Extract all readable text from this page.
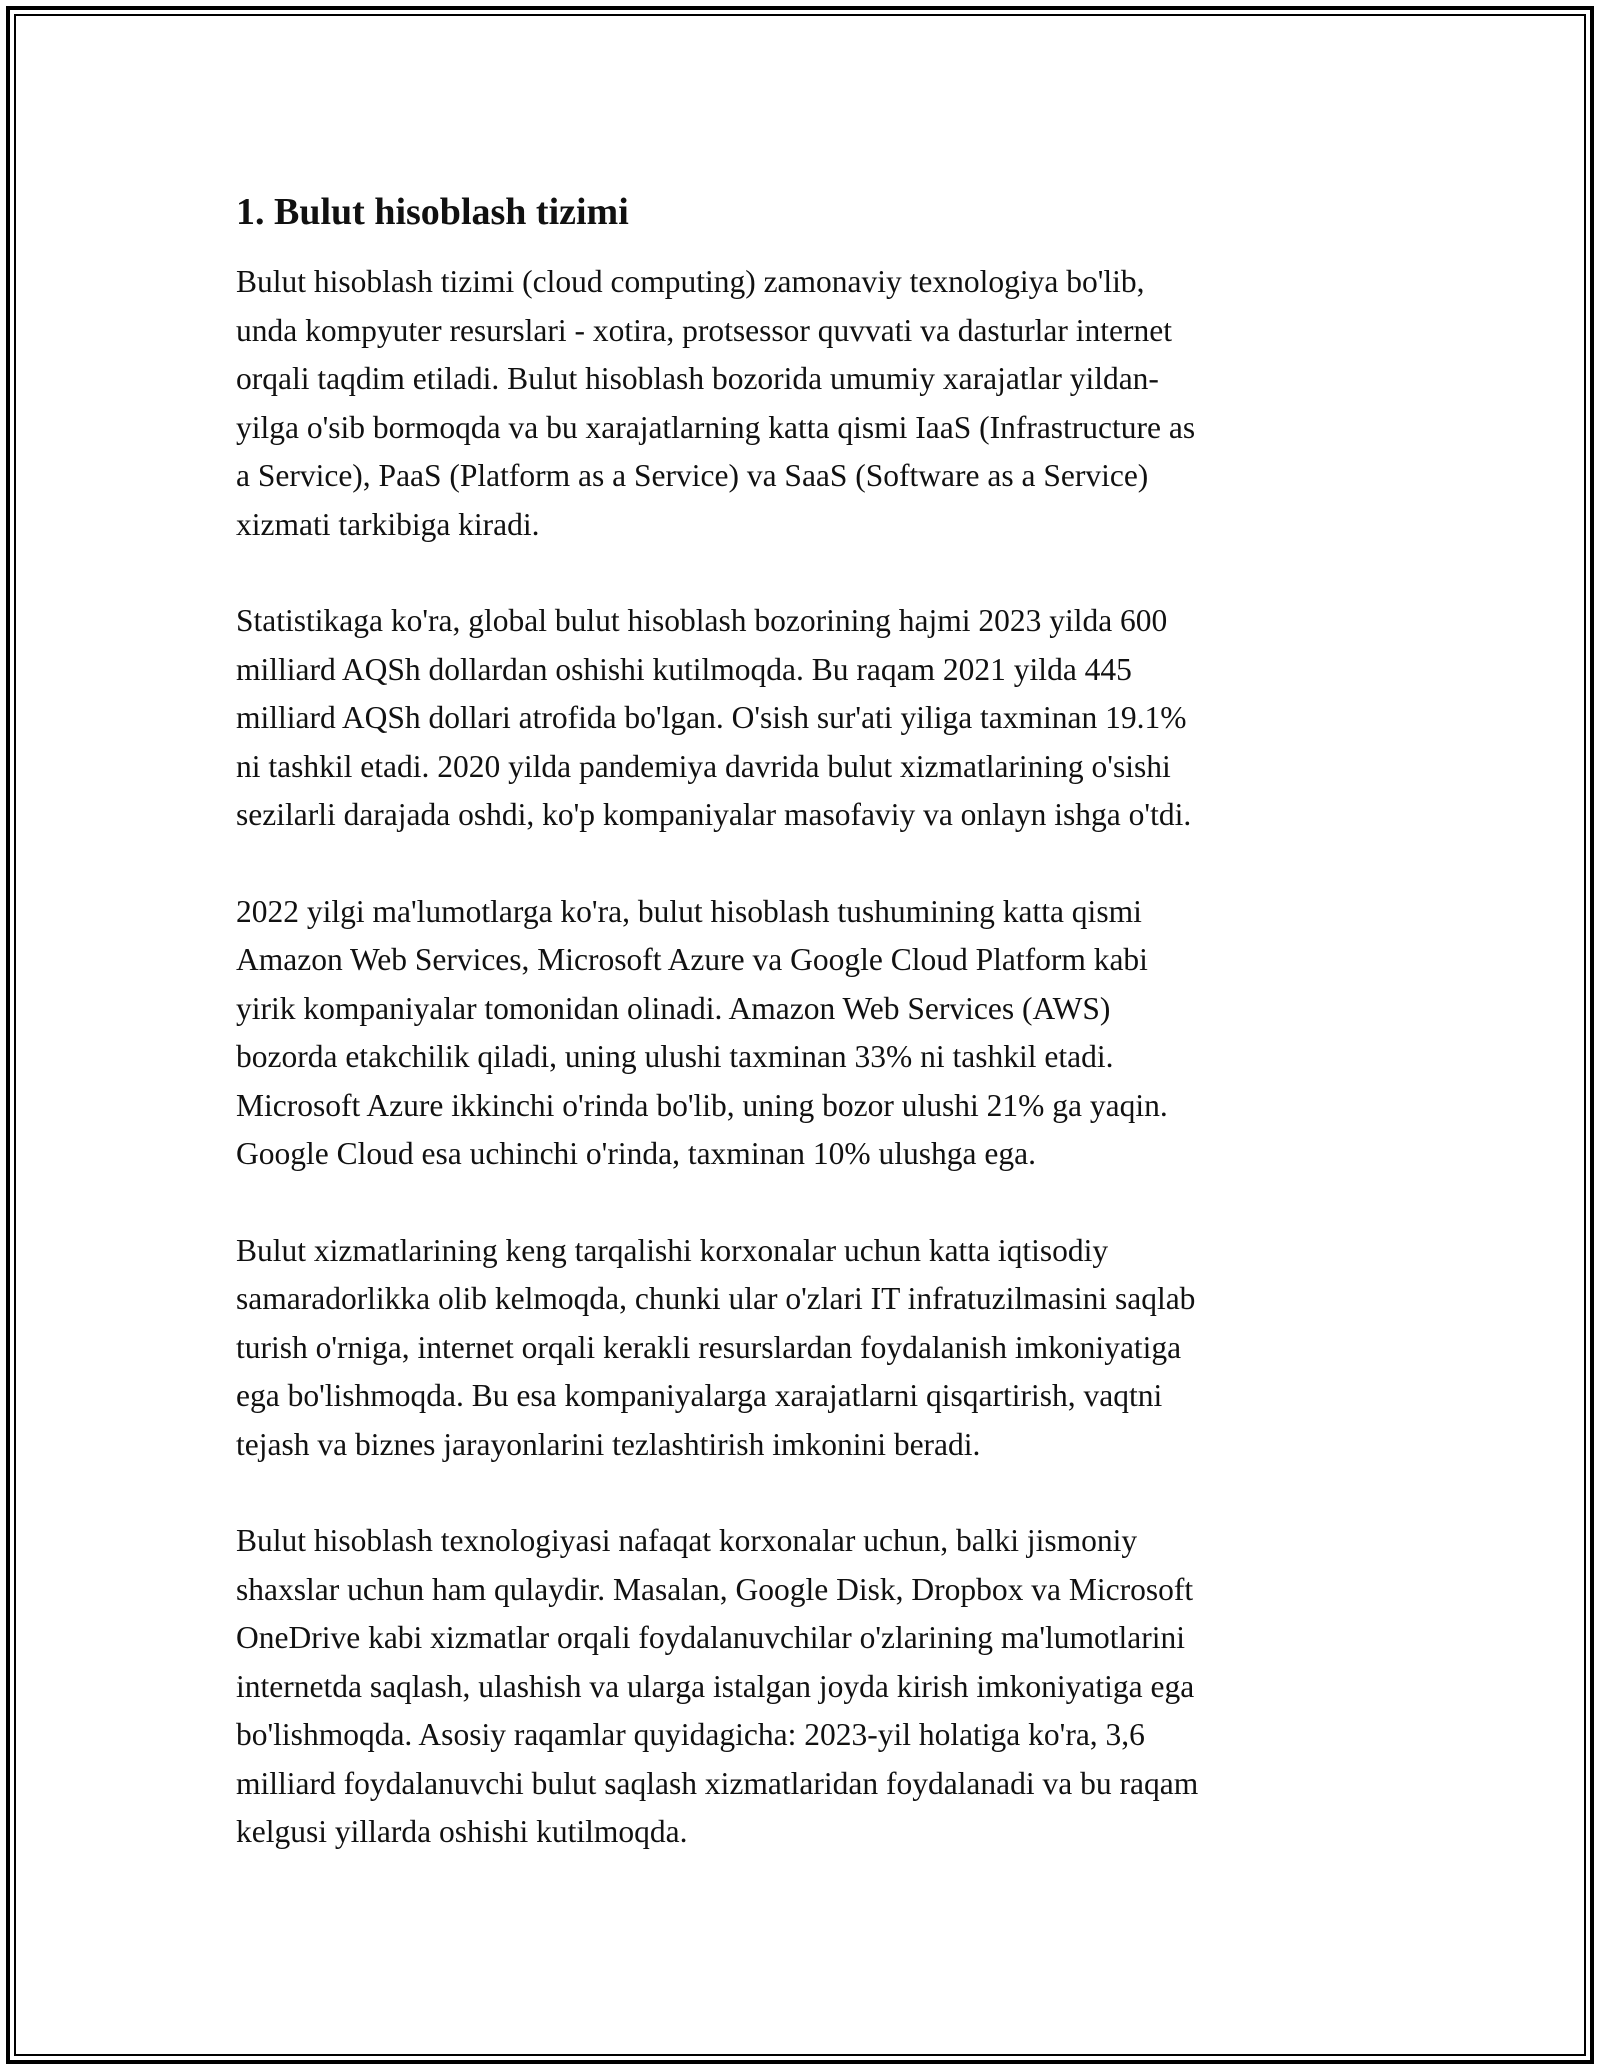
1. Bulut hisoblash tizimi

Bulut hisoblash tizimi (cloud computing) zamonaviy texnologiya bo'lib,
unda kompyuter resurslari - xotira, protsessor quvvati va dasturlar internet
orqali taqdim etiladi. Bulut hisoblash bozorida umumiy xarajatlar yildan-
yilga o'sib bormoqda va bu xarajatlarning katta qismi IaaS (Infrastructure as
a Service), PaaS (Platform as a Service) va SaaS (Software as a Service)
xizmati tarkibiga kiradi.

Statistikaga ko'ra, global bulut hisoblash bozorining hajmi 2023 yilda 600
milliard AQSh dollardan oshishi kutilmoqda. Bu raqam 2021 yilda 445
milliard AQSh dollari atrofida bo'lgan. O'sish sur'ati yiliga taxminan 19.1%
ni tashkil etadi. 2020 yilda pandemiya davrida bulut xizmatlarining o'sishi
sezilarli darajada oshdi, ko'p kompaniyalar masofaviy va onlayn ishga o'tdi.

2022 yilgi ma'lumotlarga ko'ra, bulut hisoblash tushumining katta qismi
Amazon Web Services, Microsoft Azure va Google Cloud Platform kabi
yirik kompaniyalar tomonidan olinadi. Amazon Web Services (AWS)
bozorda etakchilik qiladi, uning ulushi taxminan 33% ni tashkil etadi.
Microsoft Azure ikkinchi o'rinda bo'lib, uning bozor ulushi 21% ga yaqin.
Google Cloud esa uchinchi o'rinda, taxminan 10% ulushga ega.

Bulut xizmatlarining keng tarqalishi korxonalar uchun katta iqtisodiy
samaradorlikka olib kelmoqda, chunki ular o'zlari IT infratuzilmasini saqlab
turish o'rniga, internet orqali kerakli resurslardan foydalanish imkoniyatiga
ega bo'lishmoqda. Bu esa kompaniyalarga xarajatlarni qisqartirish, vaqtni
tejash va biznes jarayonlarini tezlashtirish imkonini beradi.

Bulut hisoblash texnologiyasi nafaqat korxonalar uchun, balki jismoniy
shaxslar uchun ham qulaydir. Masalan, Google Disk, Dropbox va Microsoft
OneDrive kabi xizmatlar orqali foydalanuvchilar o'zlarining ma'lumotlarini
internetda saqlash, ulashish va ularga istalgan joyda kirish imkoniyatiga ega
bo'lishmoqda. Asosiy raqamlar quyidagicha: 2023-yil holatiga ko'ra, 3,6
milliard foydalanuvchi bulut saqlash xizmatlaridan foydalanadi va bu raqam
kelgusi yillarda oshishi kutilmoqda.
